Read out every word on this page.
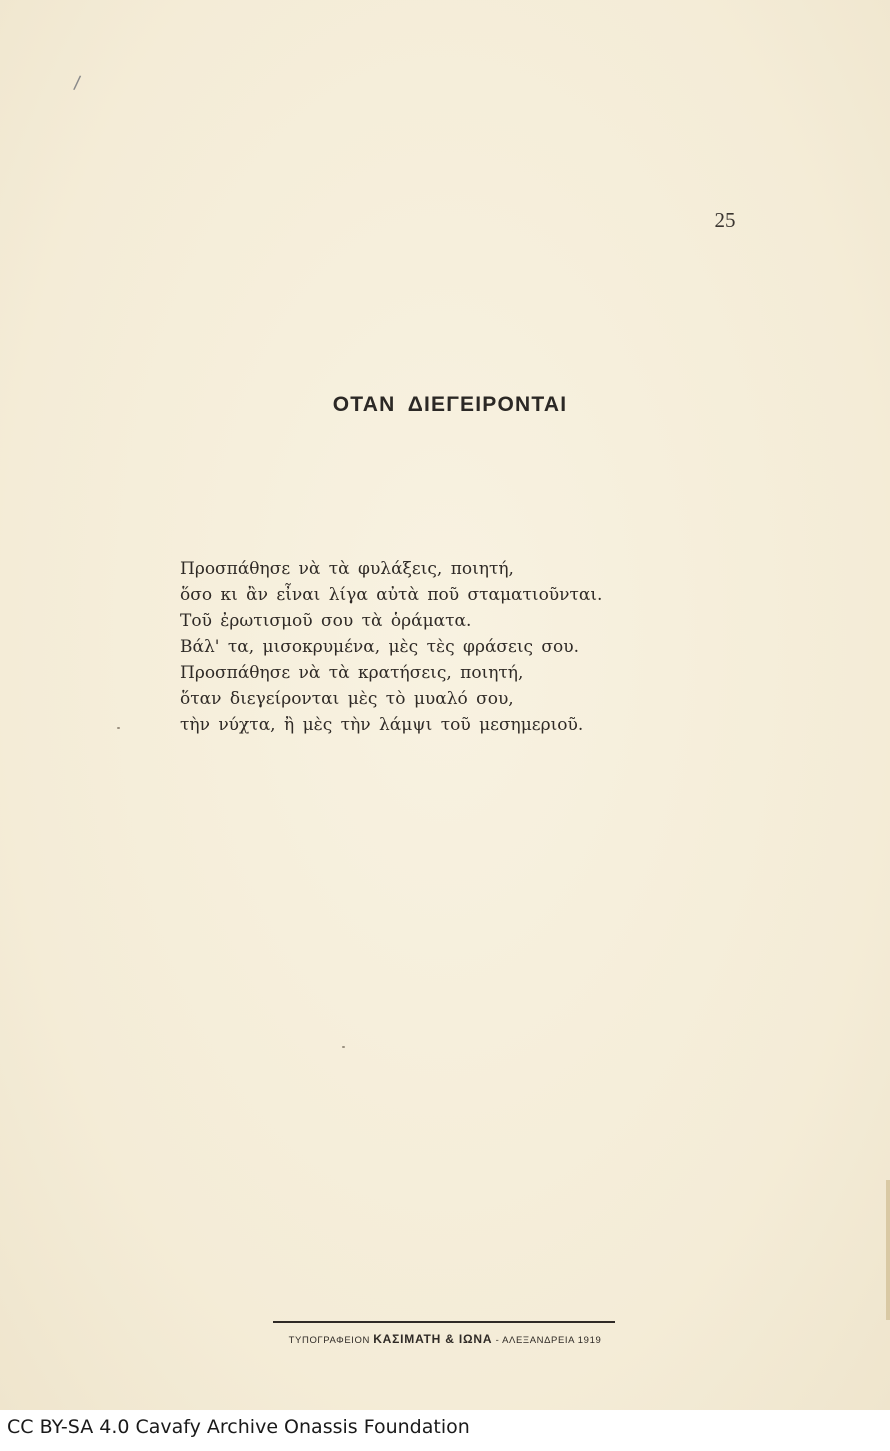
/
25
ΟΤΑΝ ΔΙΕΓΕΙΡΟΝΤΑΙ
Προσπάθησε νὰ τὰ φυλάξεις, ποιητή,
ὅσο κι ἂν εἶναι λίγα αὐτὰ ποῦ σταματιοῦνται.
Τοῦ ἐρωτισμοῦ σου τὰ ὁράματα.
Βάλ' τα, μισοκρυμένα, μὲς τὲς φράσεις σου.
Προσπάθησε νὰ τὰ κρατήσεις, ποιητή,
ὅταν διεγείρονται μὲς τὸ μυαλό σου,
τὴν νύχτα, ἢ μὲς τὴν λάμψι τοῦ μεσημεριοῦ.
ΤΥΠΟΓΡΑΦΕΙΟΝ ΚΑΣΙΜΑΤΗ & ΙΩΝΑ - ΑΛΕΞΑΝΔΡΕΙΑ 1919
CC BY-SA 4.0 Cavafy Archive Onassis Foundation
